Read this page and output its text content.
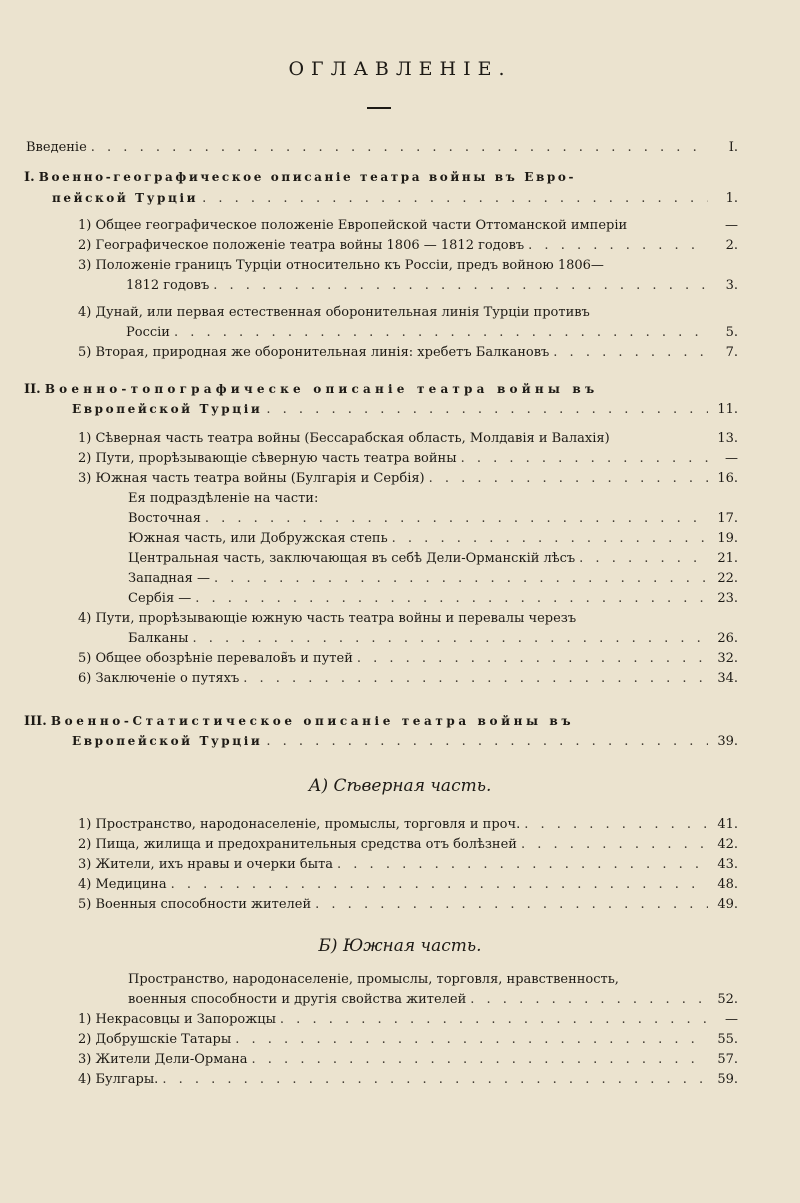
ОГЛАВЛЕНІЕ.
Введеніе . . .	I.
I. Военно-географическое описаніе театра войны въ Евро-
пейской Турціи . . .	1.
1) Общее географическое положеніе Европейской части Оттоманской имперіи	—
2) Географическое положеніе театра войны 1806 — 1812 годовъ . . .	2.
3) Положеніе границъ Турціи относительно къ Россіи, предъ войною 1806—
1812 годовъ . . .	3.
4) Дунай, или первая естественная оборонительная линія Турціи противъ
Россіи . . .	5.
5) Вторая, природная же оборонительная линія: хребетъ Балкановъ . . .	7.
II. Военно-топографическе описаніе театра войны въ
Европейской Турціи . . .	11.
1) Сѣверная часть театра войны (Бессарабская область, Молдавія и Валахія)	13.
2) Пути, прорѣзывающіе сѣверную часть театра войны . . .	—
3) Южная часть театра войны (Булгарія и Сербія) . . .	16.
Ея подраздѣленіе на части:
Восточная . . .	17.
Южная часть, или Добружская степь . . .	19.
Центральная часть, заключающая въ себѣ Дели-Орманскій лѣсъ . . .	21.
Западная — . . .	22.
Сербія — . . .	23.
4) Пути, прорѣзывающіе южную часть театра войны и перевалы черезъ
Балканы . . .	26.
5) Общее обозрѣніе перевалов̃ъ и путей . . .	32.
6) Заключеніе о путяхъ . . .	34.
III. Военно-Статистическое описаніе театра войны въ
Европейской Турціи . . .	39.
А) Сѣверная часть.
1) Пространство, народонаселеніе, промыслы, торговля и проч. . . .	41.
2) Пища, жилища и предохранительныя средства отъ болѣзней . . .	42.
3) Жители, ихъ нравы и очерки быта . . .	43.
4) Медицина . . .	48.
5) Военныя способности жителей . . .	49.
Б) Южная часть.
Пространство, народонаселеніе, промыслы, торговля, нравственность,
военныя способности и другія свойства жителей . . .	52.
1) Некрасовцы и Запорожцы . . .	—
2) Добрушскіе Татары . . .	55.
3) Жители Дели-Ормана . . .	57.
4) Булгары. . . .	59.
